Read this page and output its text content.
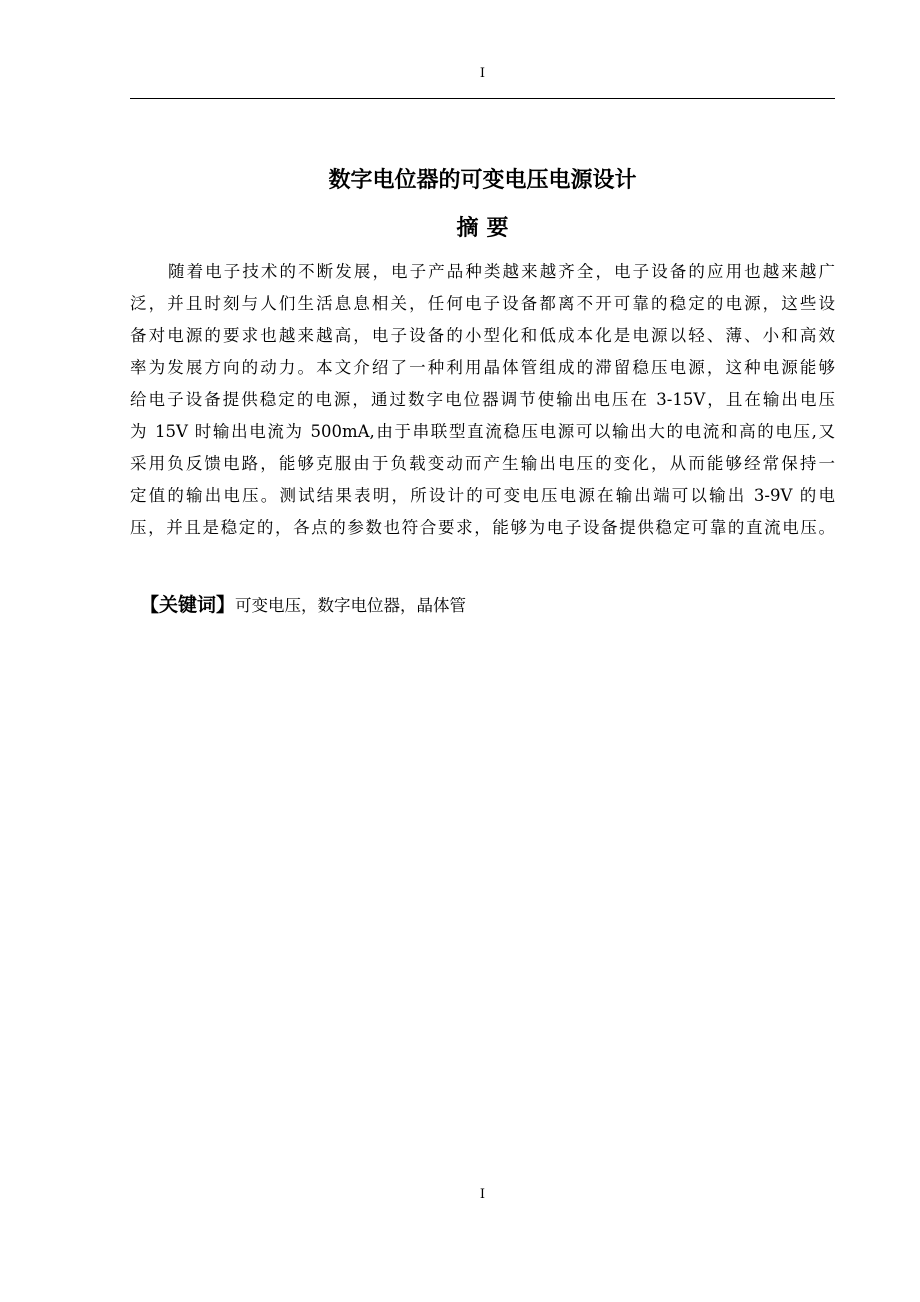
I
数字电位器的可变电压电源设计
摘要
随着电子技术的不断发展，电子产品种类越来越齐全，电子设备的应用也越来越广
泛，并且时刻与人们生活息息相关，任何电子设备都离不开可靠的稳定的电源，这些设
备对电源的要求也越来越高，电子设备的小型化和低成本化是电源以轻、薄、小和高效
率为发展方向的动力。本文介绍了一种利用晶体管组成的滞留稳压电源，这种电源能够
给电子设备提供稳定的电源，通过数字电位器调节使输出电压在 3-15V，且在输出电压
为 15V 时输出电流为 500mA,由于串联型直流稳压电源可以输出大的电流和高的电压,又
采用负反馈电路，能够克服由于负载变动而产生输出电压的变化，从而能够经常保持一
定值的输出电压。测试结果表明，所设计的可变电压电源在输出端可以输出 3-9V 的电
压，并且是稳定的，各点的参数也符合要求，能够为电子设备提供稳定可靠的直流电压。
【关键词】可变电压，数字电位器，晶体管
I
